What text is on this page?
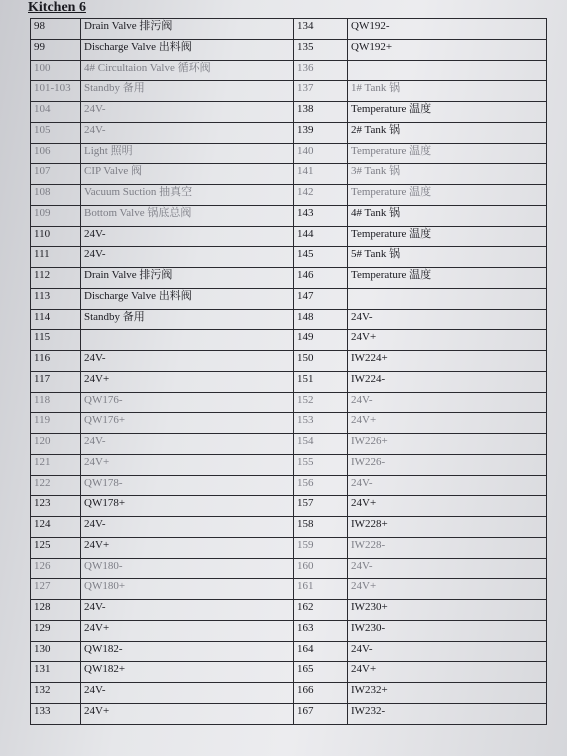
Kitchen 6
98	Drain Valve 排污阀	134	QW192-
99	Discharge Valve 出料阀	135	QW192+
100	4# Circultaion Valve 循环阀	136	
101-103	Standby 备用	137	1# Tank 锅
104	24V-	138	Temperature 温度
105	24V-	139	2# Tank 锅
106	Light 照明	140	Temperature 温度
107	CIP Valve 阀	141	3# Tank 锅
108	Vacuum Suction 抽真空	142	Temperature 温度
109	Bottom Valve 锅底总阀	143	4# Tank 锅
110	24V-	144	Temperature 温度
111	24V-	145	5# Tank 锅
112	Drain Valve 排污阀	146	Temperature 温度
113	Discharge Valve 出料阀	147	
114	Standby 备用	148	24V-
115		149	24V+
116	24V-	150	IW224+
117	24V+	151	IW224-
118	QW176-	152	24V-
119	QW176+	153	24V+
120	24V-	154	IW226+
121	24V+	155	IW226-
122	QW178-	156	24V-
123	QW178+	157	24V+
124	24V-	158	IW228+
125	24V+	159	IW228-
126	QW180-	160	24V-
127	QW180+	161	24V+
128	24V-	162	IW230+
129	24V+	163	IW230-
130	QW182-	164	24V-
131	QW182+	165	24V+
132	24V-	166	IW232+
133	24V+	167	IW232-
